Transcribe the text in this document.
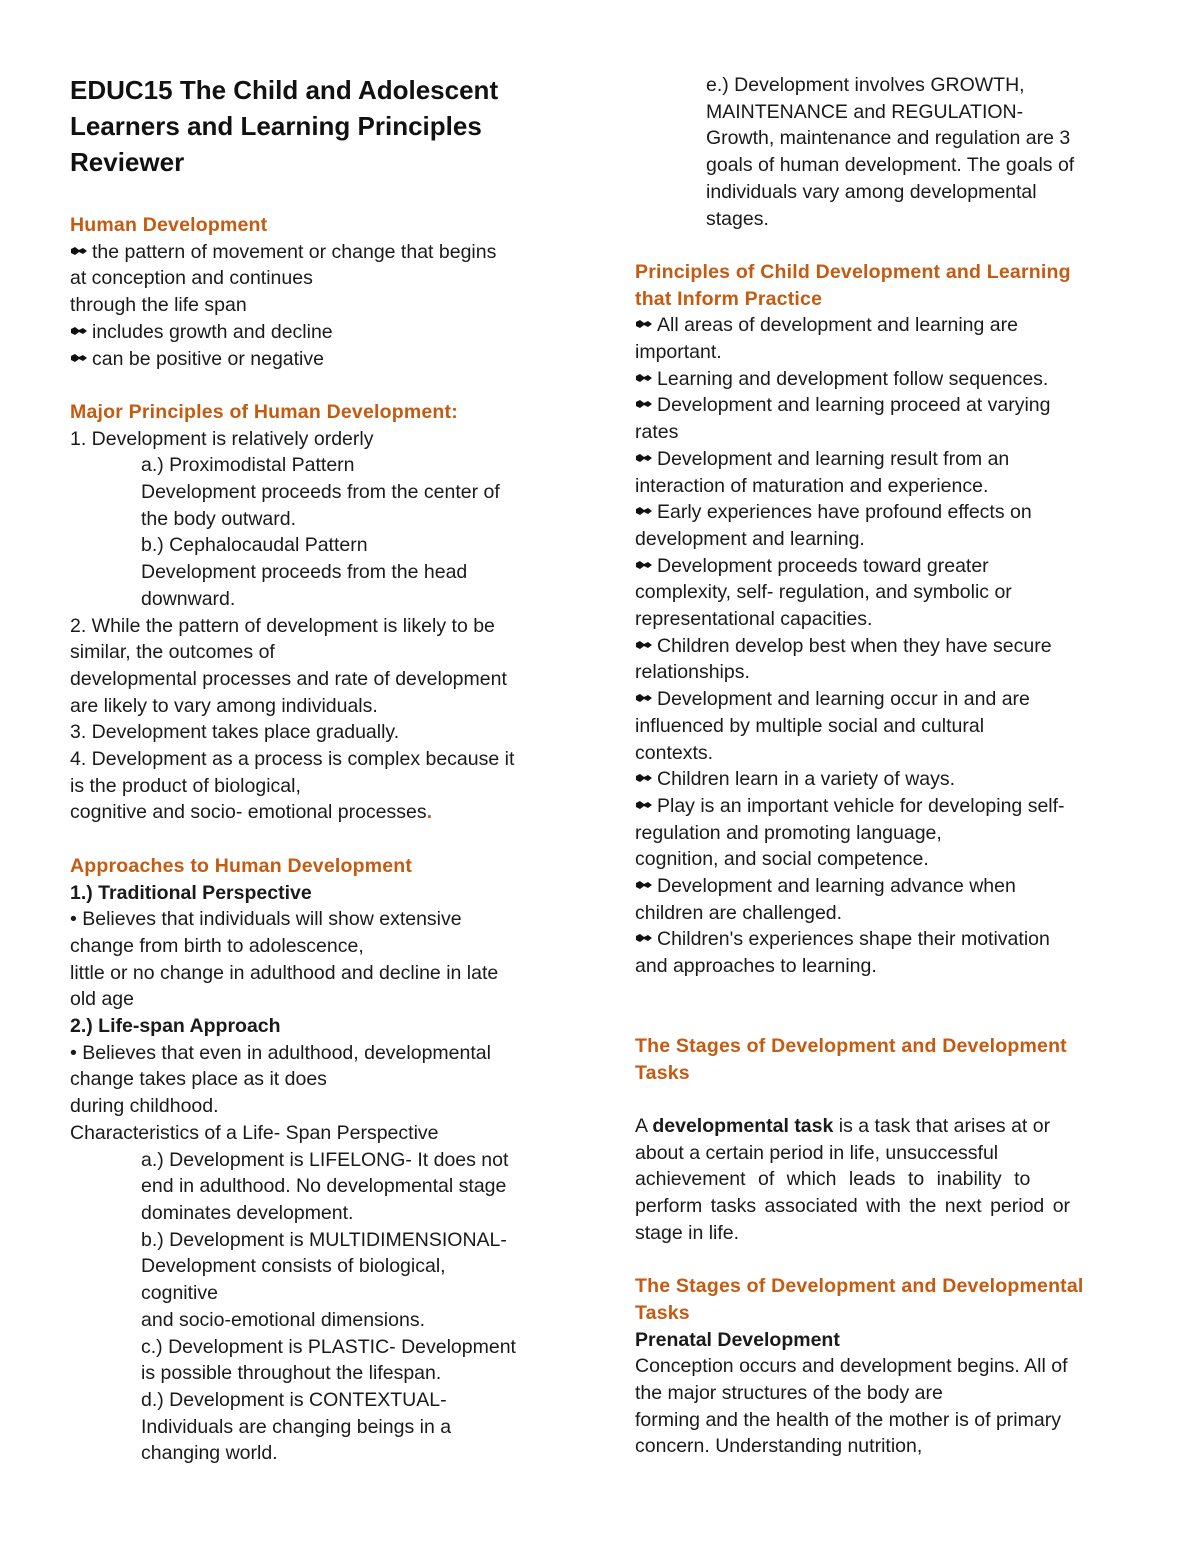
EDUC15 The Child and Adolescent
Learners and Learning Principles
Reviewer
Human Development
the pattern of movement or change that begins
at conception and continues
through the life span
includes growth and decline
can be positive or negative
Major Principles of Human Development:
1. Development is relatively orderly
a.) Proximodistal Pattern
Development proceeds from the center of
the body outward.
b.) Cephalocaudal Pattern
Development proceeds from the head
downward.
2. While the pattern of development is likely to be
similar, the outcomes of
developmental processes and rate of development
are likely to vary among individuals.
3. Development takes place gradually.
4. Development as a process is complex because it
is the product of biological,
cognitive and socio- emotional processes.
Approaches to Human Development
1.) Traditional Perspective
• Believes that individuals will show extensive
change from birth to adolescence,
little or no change in adulthood and decline in late
old age
2.) Life-span Approach
• Believes that even in adulthood, developmental
change takes place as it does
during childhood.
Characteristics of a Life- Span Perspective
a.) Development is LIFELONG- It does not
end in adulthood. No developmental stage
dominates development.
b.) Development is MULTIDIMENSIONAL-
Development consists of biological,
cognitive
and socio-emotional dimensions.
c.) Development is PLASTIC- Development
is possible throughout the lifespan.
d.) Development is CONTEXTUAL-
Individuals are changing beings in a
changing world.
e.) Development involves GROWTH,
MAINTENANCE and REGULATION-
Growth, maintenance and regulation are 3
goals of human development. The goals of
individuals vary among developmental
stages.
Principles of Child Development and Learning
that Inform Practice
All areas of development and learning are
important.
Learning and development follow sequences.
Development and learning proceed at varying
rates
Development and learning result from an
interaction of maturation and experience.
Early experiences have profound effects on
development and learning.
Development proceeds toward greater
complexity, self- regulation, and symbolic or
representational capacities.
Children develop best when they have secure
relationships.
Development and learning occur in and are
influenced by multiple social and cultural
contexts.
Children learn in a variety of ways.
Play is an important vehicle for developing self-
regulation and promoting language,
cognition, and social competence.
Development and learning advance when
children are challenged.
Children's experiences shape their motivation
and approaches to learning.
The Stages of Development and Development
Tasks
A developmental task is a task that arises at or
about a certain period in life, unsuccessful
achievement of which leads to inability to
perform tasks associated with the next period or
stage in life.
The Stages of Development and Developmental
Tasks
Prenatal Development
Conception occurs and development begins. All of
the major structures of the body are
forming and the health of the mother is of primary
concern. Understanding nutrition,
